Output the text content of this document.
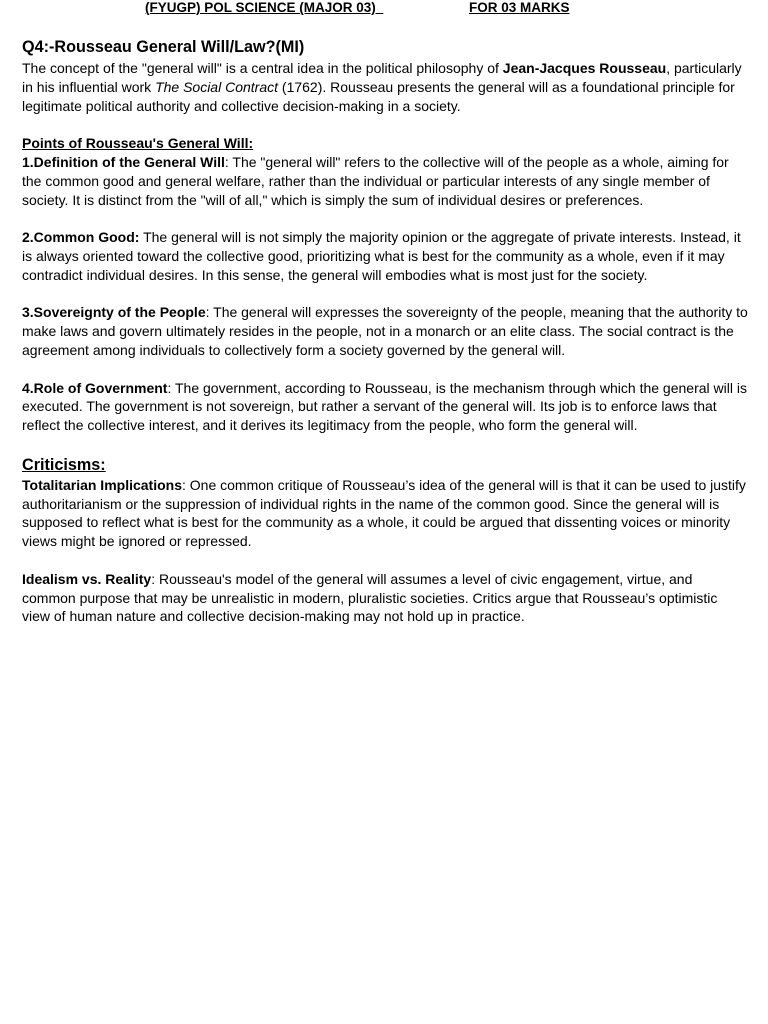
(FYUGP) POL SCIENCE (MAJOR 03)	FOR 03 MARKS
Q4:-Rousseau General Will/Law?(MI)

The concept of the "general will" is a central idea in the political philosophy of Jean-Jacques Rousseau, particularly in his influential work The Social Contract (1762). Rousseau presents the general will as a foundational principle for legitimate political authority and collective decision-making in a society.

Points of Rousseau's General Will:

1.Definition of the General Will: The "general will" refers to the collective will of the people as a whole, aiming for the common good and general welfare, rather than the individual or particular interests of any single member of society. It is distinct from the "will of all," which is simply the sum of individual desires or preferences.

2.Common Good: The general will is not simply the majority opinion or the aggregate of private interests. Instead, it is always oriented toward the collective good, prioritizing what is best for the community as a whole, even if it may contradict individual desires. In this sense, the general will embodies what is most just for the society.

3.Sovereignty of the People: The general will expresses the sovereignty of the people, meaning that the authority to make laws and govern ultimately resides in the people, not in a monarch or an elite class. The social contract is the agreement among individuals to collectively form a society governed by the general will.

4.Role of Government: The government, according to Rousseau, is the mechanism through which the general will is executed. The government is not sovereign, but rather a servant of the general will. Its job is to enforce laws that reflect the collective interest, and it derives its legitimacy from the people, who form the general will.

Criticisms:

Totalitarian Implications: One common critique of Rousseau’s idea of the general will is that it can be used to justify authoritarianism or the suppression of individual rights in the name of the common good. Since the general will is supposed to reflect what is best for the community as a whole, it could be argued that dissenting voices or minority views might be ignored or repressed.

Idealism vs. Reality: Rousseau's model of the general will assumes a level of civic engagement, virtue, and common purpose that may be unrealistic in modern, pluralistic societies. Critics argue that Rousseau’s optimistic view of human nature and collective decision-making may not hold up in practice.
